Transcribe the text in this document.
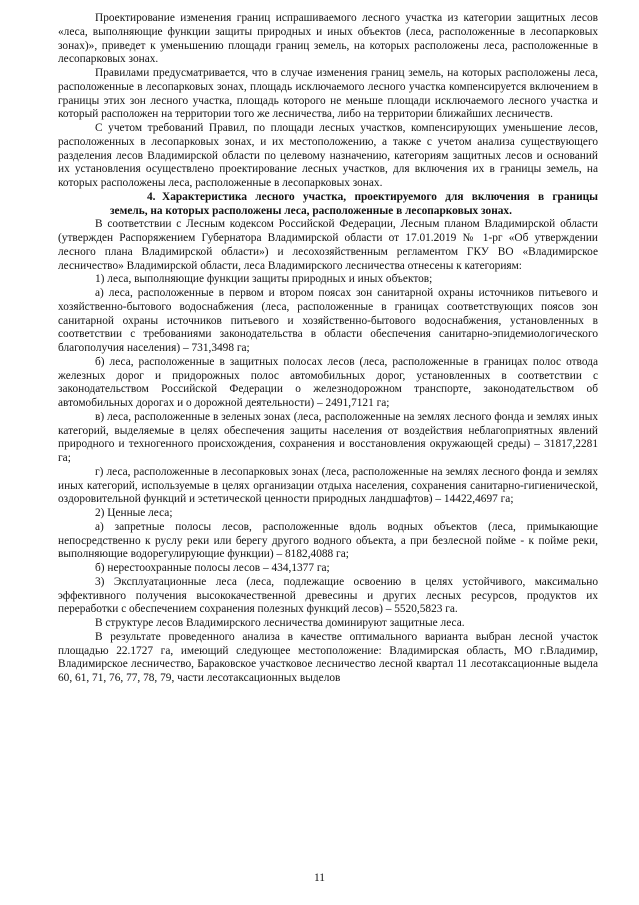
Проектирование изменения границ испрашиваемого лесного участка из категории защитных лесов «леса, выполняющие функции защиты природных и иных объектов (леса, расположенные в лесопарковых зонах)», приведет к уменьшению площади границ земель, на которых расположены леса, расположенные в лесопарковых зонах.

Правилами предусматривается, что в случае изменения границ земель, на которых расположены леса, расположенные в лесопарковых зонах, площадь исключаемого лесного участка компенсируется включением в границы этих зон лесного участка, площадь которого не меньше площади исключаемого лесного участка и который расположен на территории того же лесничества, либо на территории ближайших лесничеств.

С учетом требований Правил, по площади лесных участков, компенсирующих уменьшение лесов, расположенных в лесопарковых зонах, и их местоположению, а также с учетом анализа существующего разделения лесов Владимирской области по целевому назначению, категориям защитных лесов и оснований их установления осуществлено проектирование лесных участков, для включения их в границы земель, на которых расположены леса, расположенные в лесопарковых зонах.

4. Характеристика лесного участка, проектируемого для включения в границы земель, на которых расположены леса, расположенные в лесопарковых зонах.

В соответствии с Лесным кодексом Российской Федерации, Лесным планом Владимирской области (утвержден Распоряжением Губернатора Владимирской области от 17.01.2019 № 1-рг «Об утверждении лесного плана Владимирской области») и лесохозяйственным регламентом ГКУ ВО «Владимирское лесничество» Владимирской области, леса Владимирского лесничества отнесены к категориям:

1) леса, выполняющие функции защиты природных и иных объектов;

а) леса, расположенные в первом и втором поясах зон санитарной охраны источников питьевого и хозяйственно-бытового водоснабжения (леса, расположенные в границах соответствующих поясов зон санитарной охраны источников питьевого и хозяйственно-бытового водоснабжения, установленных в соответствии с требованиями законодательства в области обеспечения санитарно-эпидемиологического благополучия населения) – 731,3498 га;

б) леса, расположенные в защитных полосах лесов (леса, расположенные в границах полос отвода железных дорог и придорожных полос автомобильных дорог, установленных в соответствии с законодательством Российской Федерации о железнодорожном транспорте, законодательством об автомобильных дорогах и о дорожной деятельности) – 2491,7121 га;

в) леса, расположенные в зеленых зонах (леса, расположенные на землях лесного фонда и землях иных категорий, выделяемые в целях обеспечения защиты населения от воздействия неблагоприятных явлений природного и техногенного происхождения, сохранения и восстановления окружающей среды) – 31817,2281 га;

г) леса, расположенные в лесопарковых зонах (леса, расположенные на землях лесного фонда и землях иных категорий, используемые в целях организации отдыха населения, сохранения санитарно-гигиенической, оздоровительной функций и эстетической ценности природных ландшафтов) – 14422,4697 га;

2) Ценные леса;

а) запретные полосы лесов, расположенные вдоль водных объектов (леса, примыкающие непосредственно к руслу реки или берегу другого водного объекта, а при безлесной пойме - к пойме реки, выполняющие водорегулирующие функции) – 8182,4088 га;

б) нерестоохранные полосы лесов – 434,1377 га;

3) Эксплуатационные леса (леса, подлежащие освоению в целях устойчивого, максимально эффективного получения высококачественной древесины и других лесных ресурсов, продуктов их переработки с обеспечением сохранения полезных функций лесов) – 5520,5823 га.

В структуре лесов Владимирского лесничества доминируют защитные леса.

В результате проведенного анализа в качестве оптимального варианта выбран лесной участок площадью 22.1727 га, имеющий следующее местоположение: Владимирская область, МО г.Владимир, Владимирское лесничество, Бараковское участковое лесничество лесной квартал 11 лесотаксационные выдела 60, 61, 71, 76, 77, 78, 79, части лесотаксационных выделов

11
